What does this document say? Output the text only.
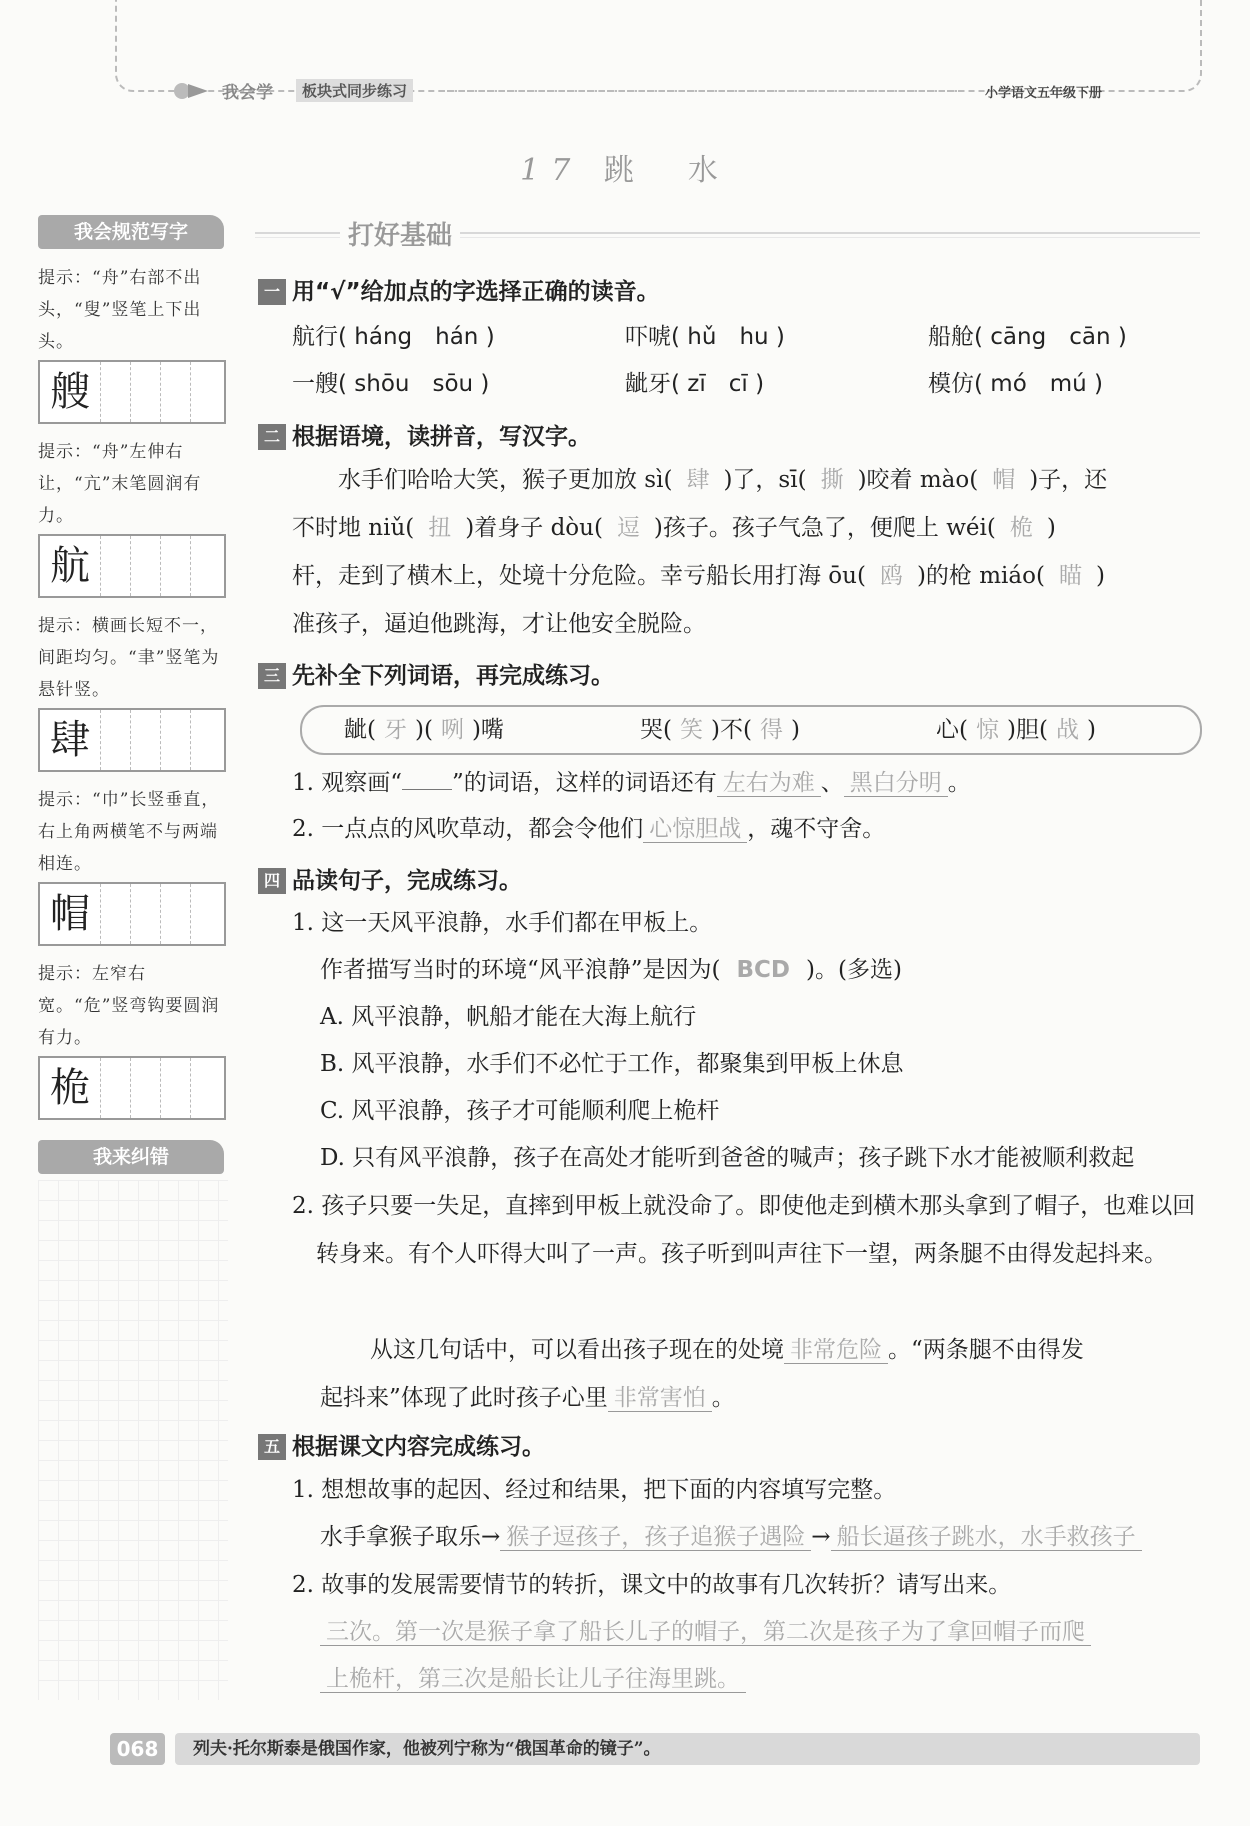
我会学	板块式同步练习	小学语文五年级下册
17 跳　水
我会规范写字
提示：“舟”右部不出头，“叟”竖笔上下出头。
艘
提示：“舟”左伸右让，“亢”末笔圆润有力。
航
提示：横画长短不一，间距均匀。“聿”竖笔为悬针竖。
肆
提示：“巾”长竖垂直，右上角两横笔不与两端相连。
帽
提示：左窄右宽。“危”竖弯钩要圆润有力。
桅
我来纠错
打好基础
一 用“√”给加点的字选择正确的读音。
航行( háng　hán )	吓唬( hǔ　hu )	船舱( cāng　cān )
一艘( shōu　sōu )	龇牙( zī　cī )	模仿( mó　mú )
二 根据语境，读拼音，写汉字。
水手们哈哈大笑，猴子更加放 sì( 肆 )了，sī( 撕 )咬着 mào( 帽 )子，还
不时地 niǔ( 扭 )着身子 dòu( 逗 )孩子。孩子气急了，便爬上 wéi( 桅 )
杆，走到了横木上，处境十分危险。幸亏船长用打海 ōu( 鸥 )的枪 miáo( 瞄 )
准孩子，逼迫他跳海，才让他安全脱险。
三 先补全下列词语，再完成练习。
龇( 牙 )( 咧 )嘴	哭( 笑 )不( 得 )	心( 惊 )胆( 战 )
1. 观察画“ ”的词语，这样的词语还有 左右为难 、 黑白分明 。
2. 一点点的风吹草动，都会令他们 心惊胆战 ，魂不守舍。
四 品读句子，完成练习。
1. 这一天风平浪静，水手们都在甲板上。
作者描写当时的环境“风平浪静”是因为( BCD )。(多选)
A. 风平浪静，帆船才能在大海上航行
B. 风平浪静，水手们不必忙于工作，都聚集到甲板上休息
C. 风平浪静，孩子才可能顺利爬上桅杆
D. 只有风平浪静，孩子在高处才能听到爸爸的喊声；孩子跳下水才能被顺利救起
2. 孩子只要一失足，直摔到甲板上就没命了。即使他走到横木那头拿到了帽子，也难以回转身来。有个人吓得大叫了一声。孩子听到叫声往下一望，两条腿不由得发起抖来。
从这几句话中，可以看出孩子现在的处境 非常危险 。“两条腿不由得发
起抖来”体现了此时孩子心里 非常害怕 。
五 根据课文内容完成练习。
1. 想想故事的起因、经过和结果，把下面的内容填写完整。
水手拿猴子取乐→ 猴子逗孩子，孩子追猴子遇险 → 船长逼孩子跳水，水手救孩子
2. 故事的发展需要情节的转折，课文中的故事有几次转折？请写出来。
三次。第一次是猴子拿了船长儿子的帽子，第二次是孩子为了拿回帽子而爬
上桅杆，第三次是船长让儿子往海里跳。
068	列夫·托尔斯泰是俄国作家，他被列宁称为“俄国革命的镜子”。
